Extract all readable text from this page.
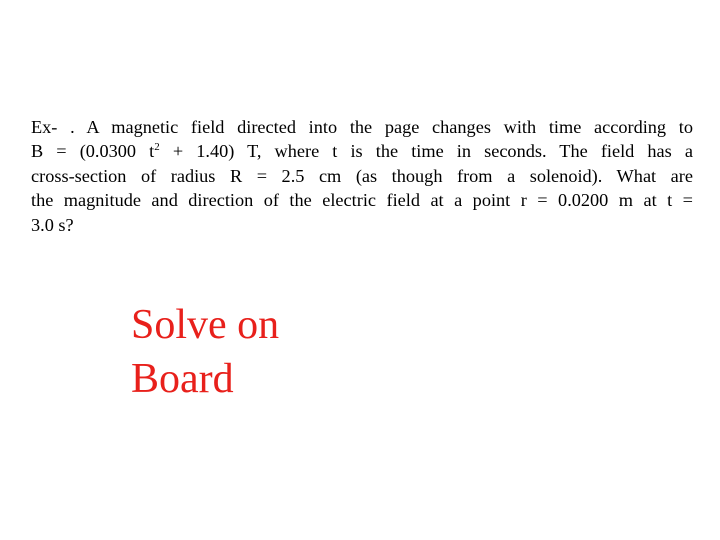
Ex- . A magnetic field directed into the page changes with time according to
B = (0.0300 $t^2 + 1.40$) T, where t is the time in seconds. The field has a
cross-section of radius R = 2.5 cm (as though from a solenoid). What are
the magnitude and direction of the electric field at a point r = 0.0200 m at t =
3.0 s?
Solve on
Board
